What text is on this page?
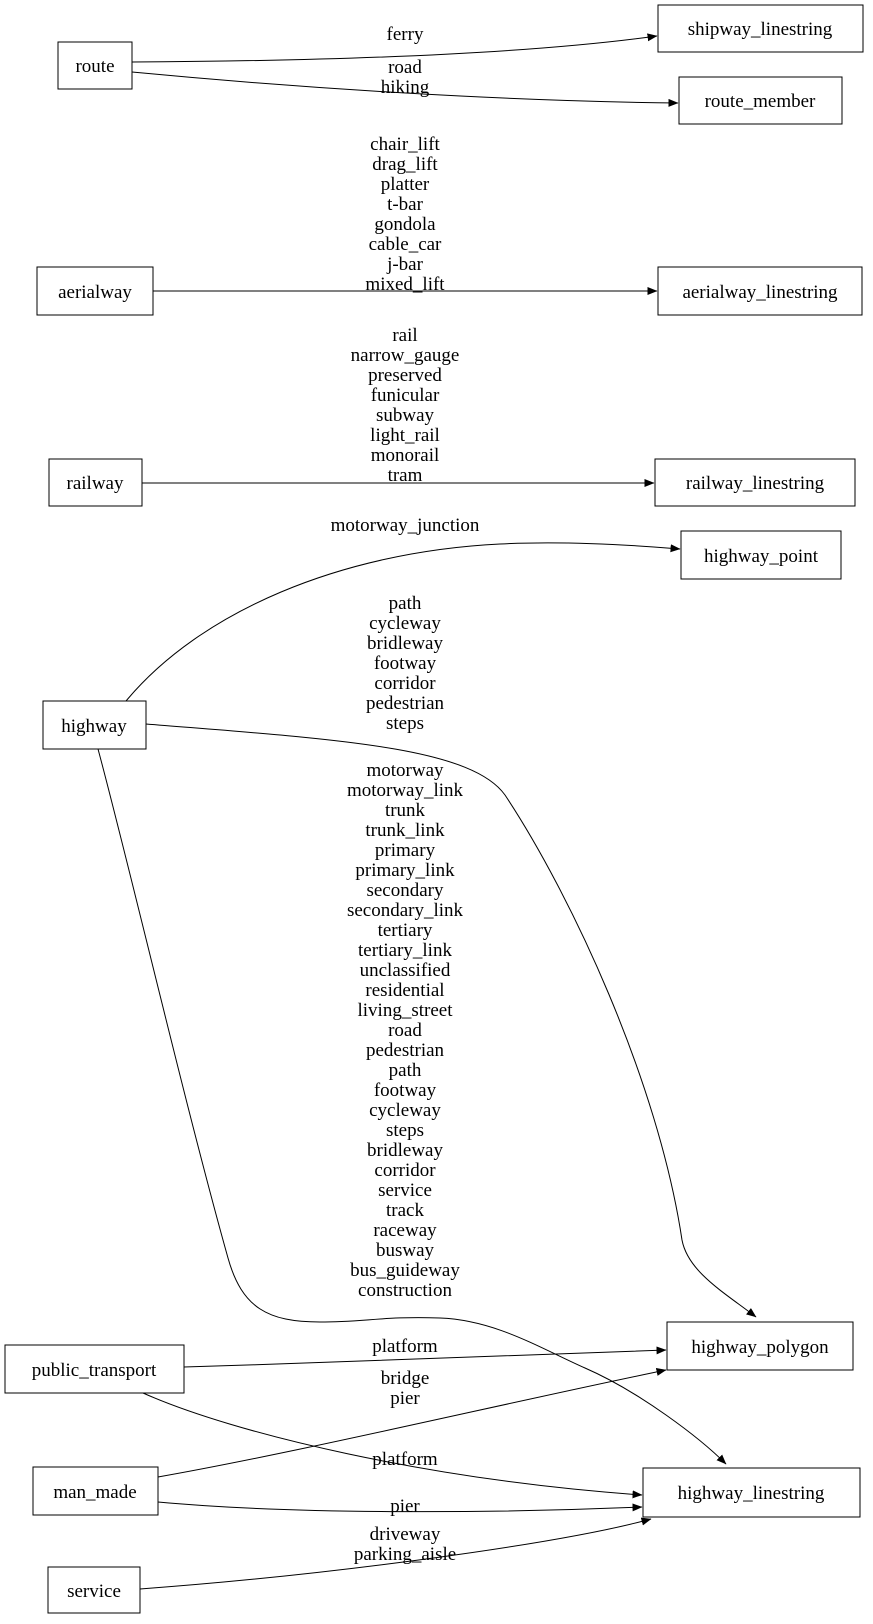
ferry
road hiking
chair_lift drag_lift platter t-bar gondola cable_car j-bar mixed_lift
rail narrow_gauge preserved funicular subway light_rail monorail tram
motorway_junction
path cycleway bridleway footway corridor pedestrian steps
motorway motorway_link trunk trunk_link primary primary_link secondary secondary_link tertiary tertiary_link unclassified residential living_street road pedestrian path footway cycleway steps bridleway corridor service track raceway busway bus_guideway construction
platform
bridge pier
platform
pier
driveway parking_aisle
route
shipway_linestring
route_member
aerialway	aerialway_linestring
railway	railway_linestring
highway
highway_point
highway_polygon
highway_linestring
public_transport
man_made
service
